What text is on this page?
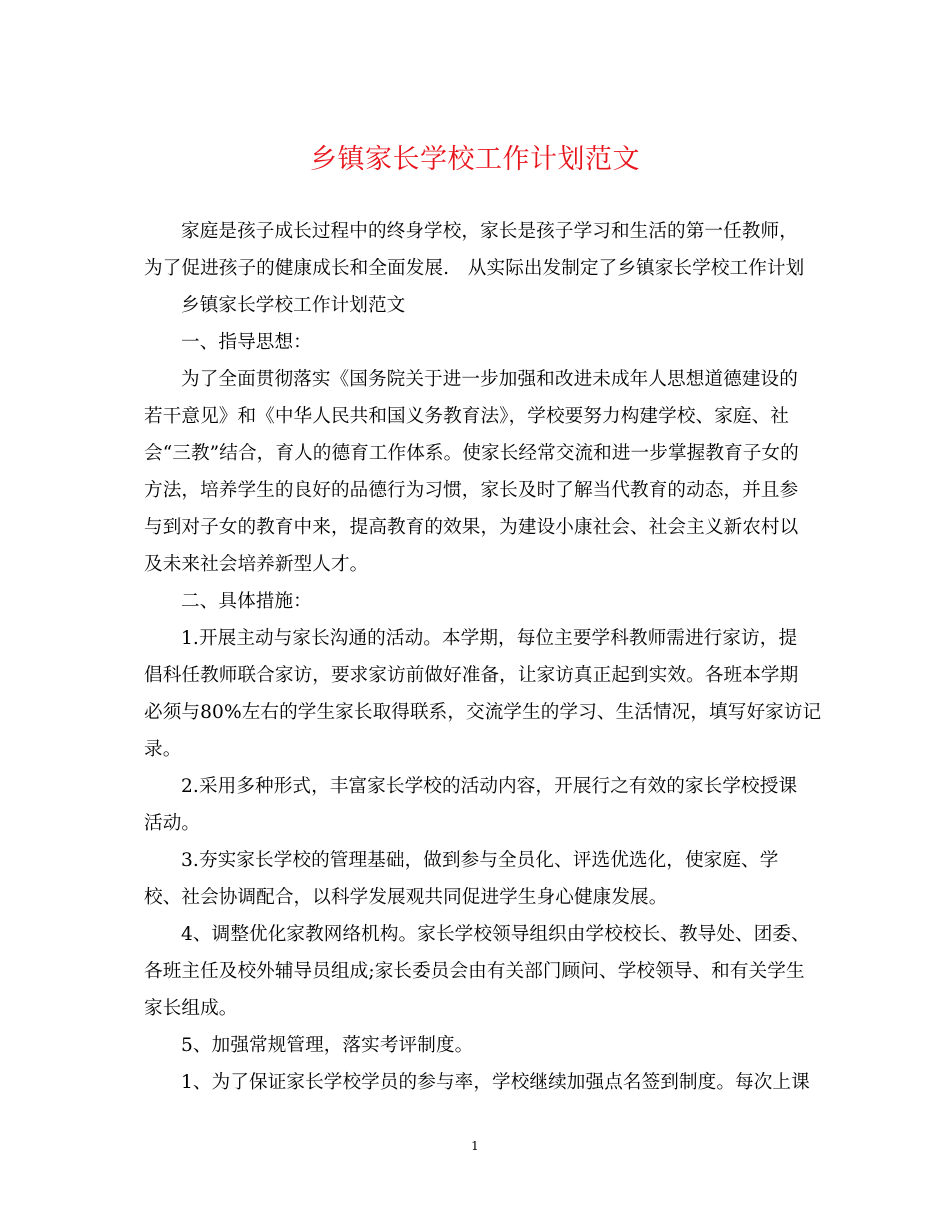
乡镇家长学校工作计划范文
家庭是孩子成长过程中的终身学校，家长是孩子学习和生活的第一任教师，
为了促进孩子的健康成长和全面发展.　从实际出发制定了乡镇家长学校工作计划
乡镇家长学校工作计划范文
一、指导思想：
为了全面贯彻落实《国务院关于进一步加强和改进未成年人思想道德建设的
若干意见》和《中华人民共和国义务教育法》，学校要努力构建学校、家庭、社
会“三教”结合，育人的德育工作体系。使家长经常交流和进一步掌握教育子女的
方法，培养学生的良好的品德行为习惯，家长及时了解当代教育的动态，并且参
与到对子女的教育中来，提高教育的效果，为建设小康社会、社会主义新农村以
及未来社会培养新型人才。
二、具体措施：
1.开展主动与家长沟通的活动。本学期，每位主要学科教师需进行家访，提
倡科任教师联合家访，要求家访前做好准备，让家访真正起到实效。各班本学期
必须与80%左右的学生家长取得联系，交流学生的学习、生活情况，填写好家访记
录。
2.采用多种形式，丰富家长学校的活动内容，开展行之有效的家长学校授课
活动。
3.夯实家长学校的管理基础，做到参与全员化、评选优选化，使家庭、学
校、社会协调配合，以科学发展观共同促进学生身心健康发展。
4、调整优化家教网络机构。家长学校领导组织由学校校长、教导处、团委、
各班主任及校外辅导员组成;家长委员会由有关部门顾问、学校领导、和有关学生
家长组成。
5、加强常规管理，落实考评制度。
1、为了保证家长学校学员的参与率，学校继续加强点名签到制度。每次上课
1
